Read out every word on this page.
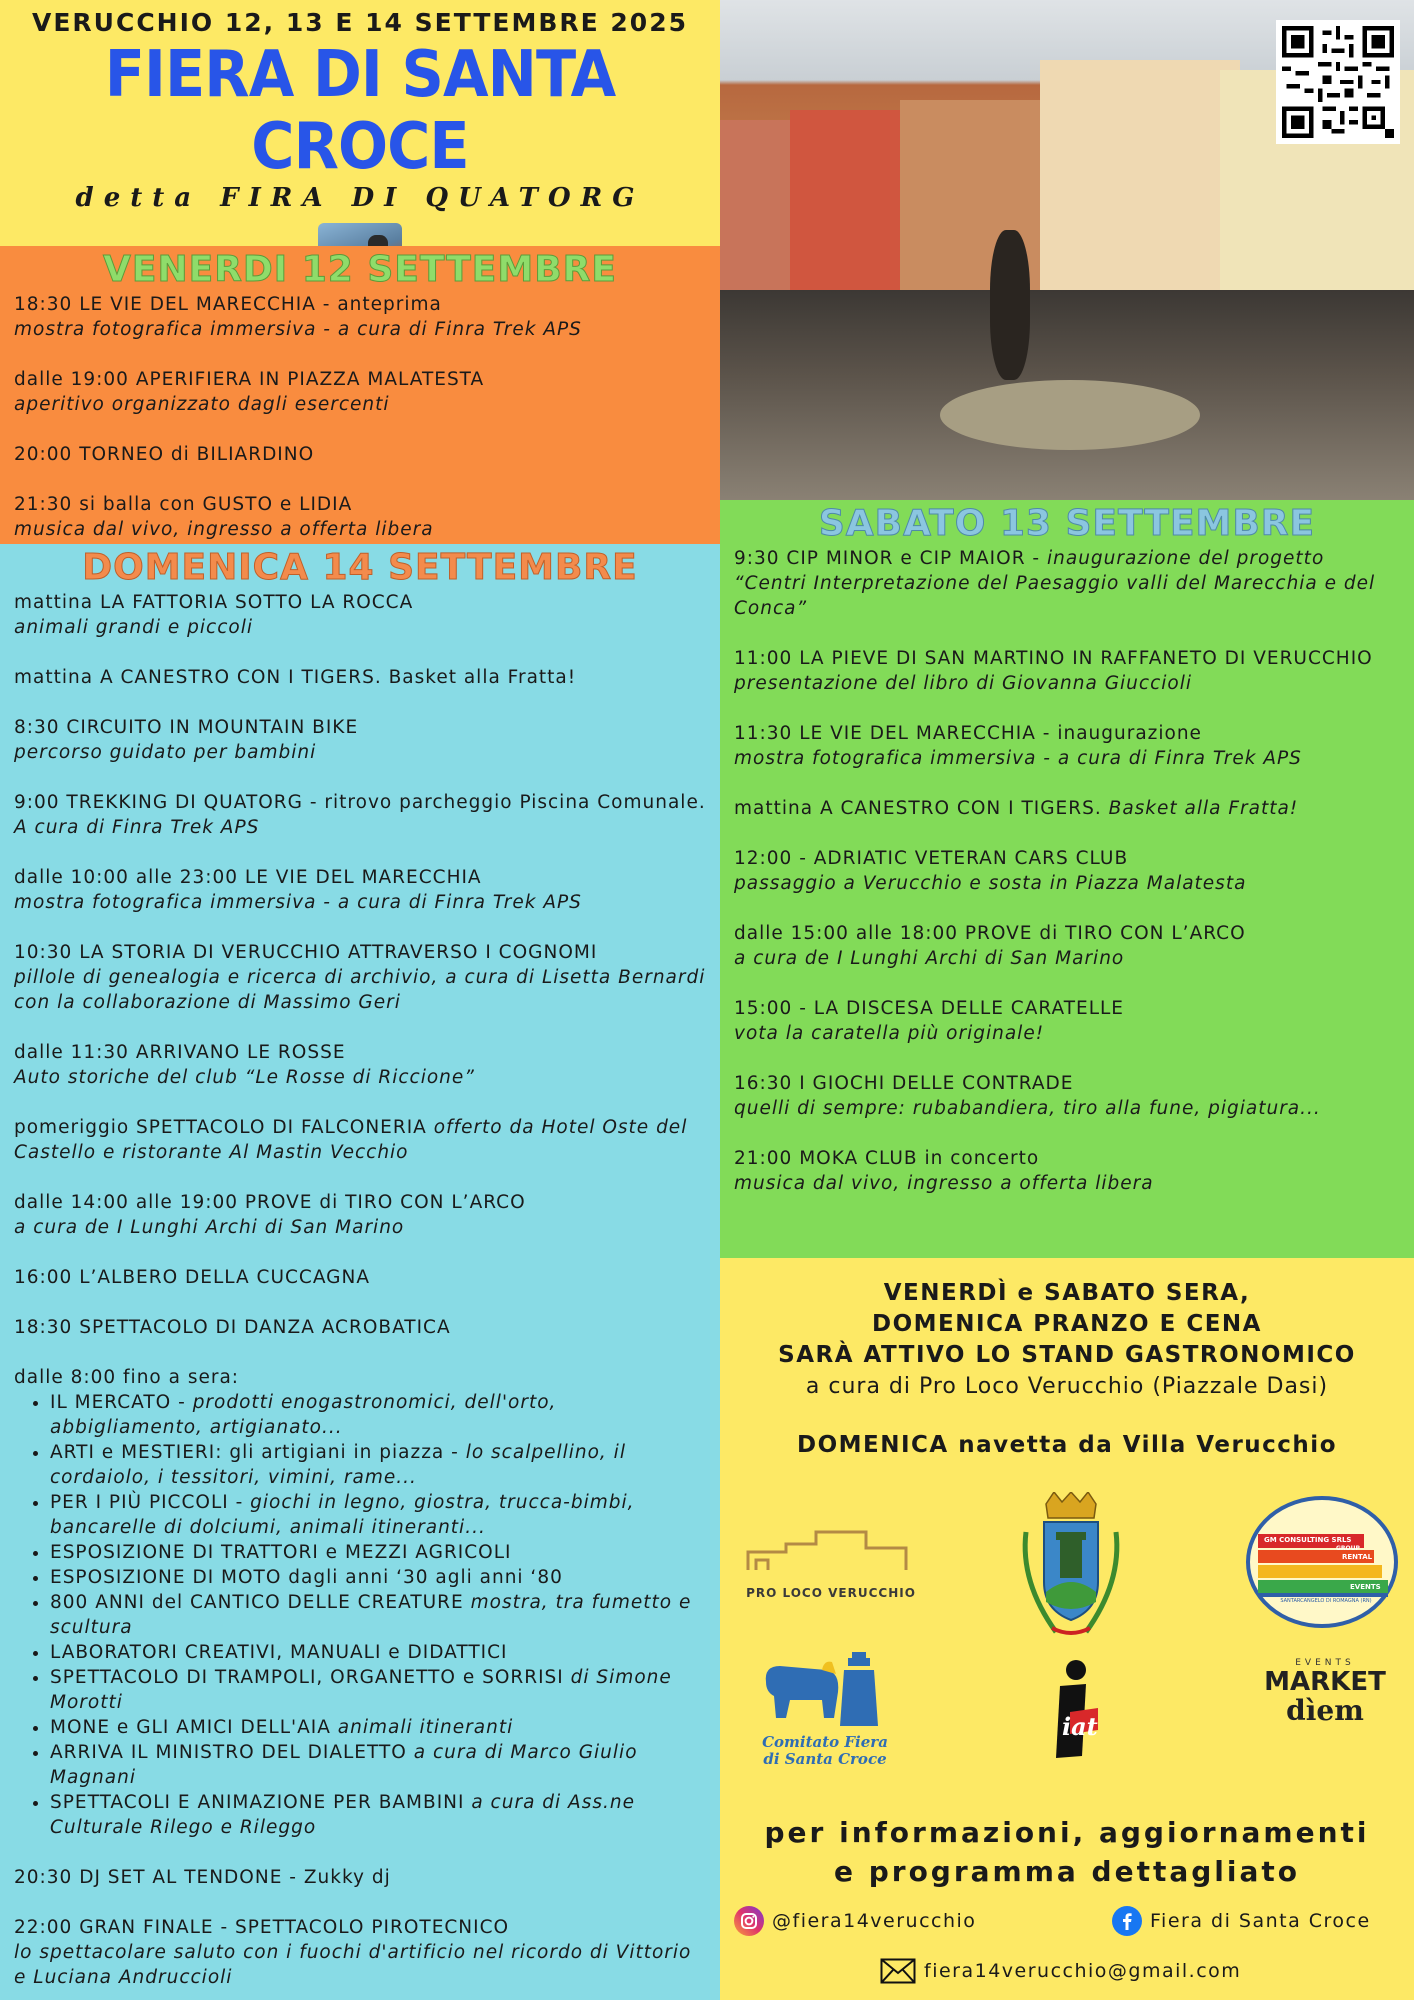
VERUCCHIO 12, 13 E 14 SETTEMBRE 2025
FIERA DI SANTA CROCE
detta FIRA DI QUATORG
VENERDI 12 SETTEMBRE
18:30 LE VIE DEL MARECCHIA - anteprima
mostra fotografica immersiva - a cura di Finra Trek APS
dalle 19:00 APERIFIERA IN PIAZZA MALATESTA
aperitivo organizzato dagli esercenti
20:00 TORNEO di BILIARDINO
21:30 si balla con GUSTO e LIDIA
musica dal vivo, ingresso a offerta libera
DOMENICA 14 SETTEMBRE
mattina LA FATTORIA SOTTO LA ROCCA
animali grandi e piccoli
mattina A CANESTRO CON I TIGERS. Basket alla Fratta!
8:30 CIRCUITO IN MOUNTAIN BIKE
percorso guidato per bambini
9:00 TREKKING DI QUATORG - ritrovo parcheggio Piscina Comunale. A cura di Finra Trek APS
dalle 10:00 alle 23:00 LE VIE DEL MARECCHIA
mostra fotografica immersiva - a cura di Finra Trek APS
10:30 LA STORIA DI VERUCCHIO ATTRAVERSO I COGNOMI
pillole di genealogia e ricerca di archivio, a cura di Lisetta Bernardi con la collaborazione di Massimo Geri
dalle 11:30 ARRIVANO LE ROSSE
Auto storiche del club “Le Rosse di Riccione”
pomeriggio SPETTACOLO DI FALCONERIA offerto da Hotel Oste del Castello e ristorante Al Mastin Vecchio
dalle 14:00 alle 19:00 PROVE di TIRO CON L’ARCO
a cura de I Lunghi Archi di San Marino
16:00 L’ALBERO DELLA CUCCAGNA
18:30 SPETTACOLO DI DANZA ACROBATICA
dalle 8:00 fino a sera:
• IL MERCATO - prodotti enogastronomici, dell'orto, abbigliamento, artigianato...
• ARTI e MESTIERI: gli artigiani in piazza - lo scalpellino, il cordaiolo, i tessitori, vimini, rame...
• PER I PIÙ PICCOLI - giochi in legno, giostra, trucca-bimbi, bancarelle di dolciumi, animali itineranti...
• ESPOSIZIONE DI TRATTORI e MEZZI AGRICOLI
• ESPOSIZIONE DI MOTO dagli anni ‘30 agli anni ‘80
• 800 ANNI del CANTICO DELLE CREATURE mostra, tra fumetto e scultura
• LABORATORI CREATIVI, MANUALI e DIDATTICI
• SPETTACOLO DI TRAMPOLI, ORGANETTO e SORRISI di Simone Morotti
• MONE e GLI AMICI DELL'AIA animali itineranti
• ARRIVA IL MINISTRO DEL DIALETTO a cura di Marco Giulio Magnani
• SPETTACOLI E ANIMAZIONE PER BAMBINI a cura di Ass.ne Culturale Rilego e Rileggo
20:30 DJ SET AL TENDONE - Zukky dj
22:00 GRAN FINALE - SPETTACOLO PIROTECNICO
lo spettacolare saluto con i fuochi d'artificio nel ricordo di Vittorio e Luciana Andruccioli
SABATO 13 SETTEMBRE
9:30 CIP MINOR e CIP MAIOR - inaugurazione del progetto “Centri Interpretazione del Paesaggio valli del Marecchia e del Conca”
11:00 LA PIEVE DI SAN MARTINO IN RAFFANETO DI VERUCCHIO
presentazione del libro di Giovanna Giuccioli
11:30 LE VIE DEL MARECCHIA - inaugurazione
mostra fotografica immersiva - a cura di Finra Trek APS
mattina A CANESTRO CON I TIGERS. Basket alla Fratta!
12:00 - ADRIATIC VETERAN CARS CLUB
passaggio a Verucchio e sosta in Piazza Malatesta
dalle 15:00 alle 18:00 PROVE di TIRO CON L’ARCO
a cura de I Lunghi Archi di San Marino
15:00 - LA DISCESA DELLE CARATELLE
vota la caratella più originale!
16:30 I GIOCHI DELLE CONTRADE
quelli di sempre: rubabandiera, tiro alla fune, pigiatura...
21:00 MOKA CLUB in concerto
musica dal vivo, ingresso a offerta libera
VENERDÌ e SABATO SERA,
DOMENICA PRANZO E CENA
SARÀ ATTIVO LO STAND GASTRONOMICO
a cura di Pro Loco Verucchio (Piazzale Dasi)
DOMENICA navetta da Villa Verucchio
PRO LOCO VERUCCHIO
GM CONSULTING SRLS
GROUP
RENTAL
EVENTS
SANTARCANGELO DI ROMAGNA (RN)
Comitato Fiera
di Santa Croce
iat
EVENTS
MARKET
dìem
per informazioni, aggiornamenti
e programma dettagliato
@fiera14verucchio	Fiera di Santa Croce
fiera14verucchio@gmail.com
